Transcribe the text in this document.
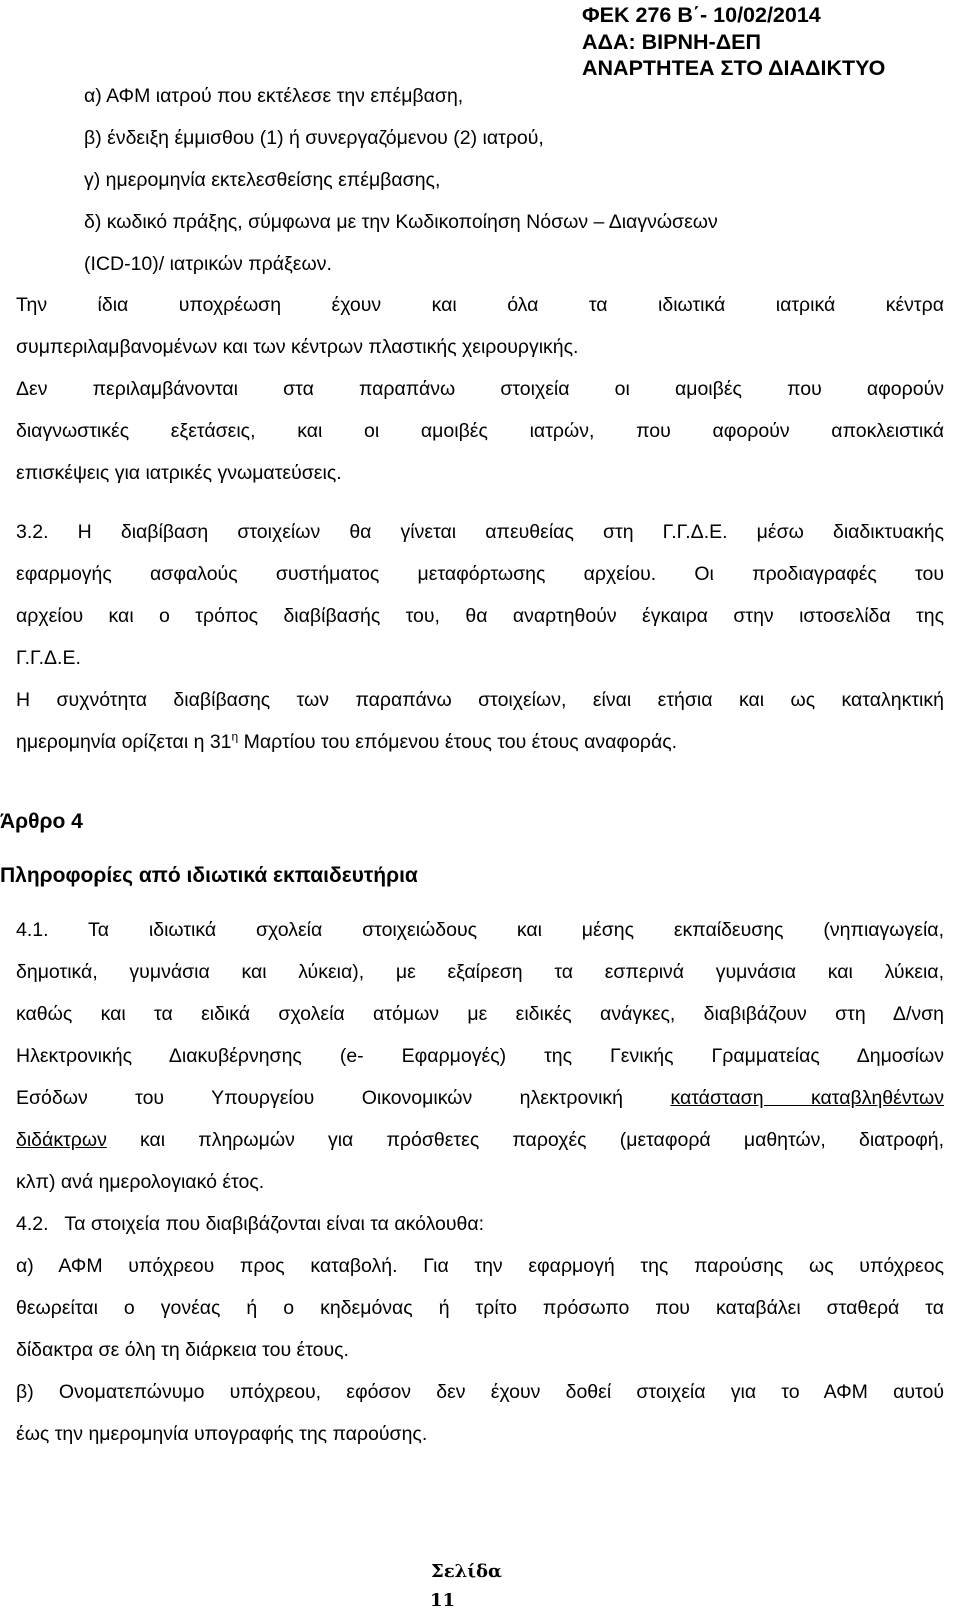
ΦΕΚ 276 Β΄- 10/02/2014
ΑΔΑ: ΒΙΡΝΗ-ΔΕΠ
ΑΝΑΡΤΗΤΕΑ ΣΤΟ ΔΙΑΔΙΚΤΥΟ
α) ΑΦΜ ιατρού που εκτέλεσε την επέμβαση,
β) ένδειξη έμμισθου (1) ή συνεργαζόμενου (2) ιατρού,
γ) ημερομηνία εκτελεσθείσης επέμβασης,
δ) κωδικό πράξης, σύμφωνα με την Κωδικοποίηση Νόσων – Διαγνώσεων
(ICD-10)/ ιατρικών πράξεων.
Την ίδια υποχρέωση έχουν και όλα τα ιδιωτικά ιατρικά κέντρα
συμπεριλαμβανομένων και των κέντρων πλαστικής χειρουργικής.
Δεν περιλαμβάνονται στα παραπάνω στοιχεία οι αμοιβές που αφορούν
διαγνωστικές εξετάσεις, και οι αμοιβές ιατρών, που αφορούν αποκλειστικά
επισκέψεις για ιατρικές γνωματεύσεις.
3.2. Η διαβίβαση στοιχείων θα γίνεται απευθείας στη Γ.Γ.Δ.Ε. μέσω διαδικτυακής
εφαρμογής ασφαλούς συστήματος μεταφόρτωσης αρχείου. Οι προδιαγραφές του
αρχείου και ο τρόπος διαβίβασής του, θα αναρτηθούν έγκαιρα στην ιστοσελίδα της
Γ.Γ.Δ.Ε.
Η συχνότητα διαβίβασης των παραπάνω στοιχείων, είναι ετήσια και ως καταληκτική
ημερομηνία ορίζεται η $31^\eta$ Μαρτίου του επόμενου έτους του έτους αναφοράς.
Άρθρο 4
Πληροφορίες από ιδιωτικά εκπαιδευτήρια
4.1. Τα ιδιωτικά σχολεία στοιχειώδους και μέσης εκπαίδευσης (νηπιαγωγεία,
δημοτικά, γυμνάσια και λύκεια), με εξαίρεση τα εσπερινά γυμνάσια και λύκεια,
καθώς και τα ειδικά σχολεία ατόμων με ειδικές ανάγκες, διαβιβάζουν στη Δ/νση
Ηλεκτρονικής Διακυβέρνησης (e- Εφαρμογές) της Γενικής Γραμματείας Δημοσίων
Εσόδων του Υπουργείου Οικονομικών ηλεκτρονική κατάσταση καταβληθέντων
διδάκτρων και πληρωμών για πρόσθετες παροχές (μεταφορά μαθητών, διατροφή,
κλπ) ανά ημερολογιακό έτος.
4.2.   Τα στοιχεία που διαβιβάζονται είναι τα ακόλουθα:
α) ΑΦΜ υπόχρεου προς καταβολή. Για την εφαρμογή της παρούσης ως υπόχρεος
θεωρείται ο γονέας ή ο κηδεμόνας ή τρίτο πρόσωπο που καταβάλει σταθερά τα
δίδακτρα σε όλη τη διάρκεια του έτους.
β) Ονοματεπώνυμο υπόχρεου, εφόσον δεν έχουν δοθεί στοιχεία για το ΑΦΜ αυτού
έως την ημερομηνία υπογραφής της παρούσης.
Σελίδα
11
